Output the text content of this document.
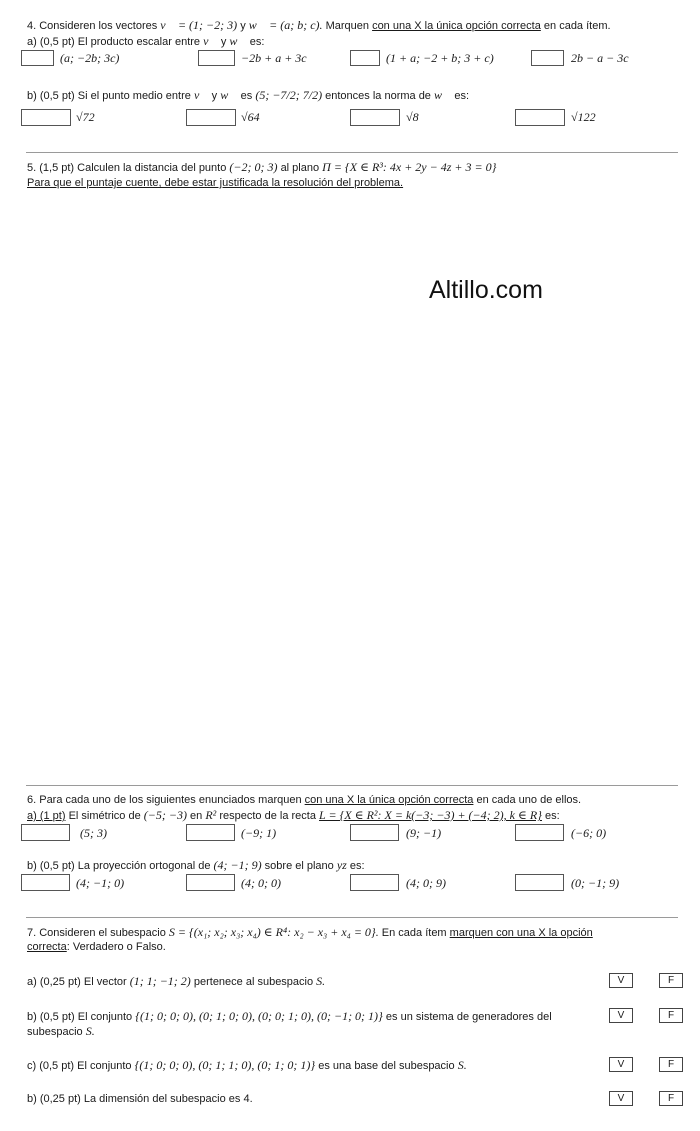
4. Consideren los vectores v⃗ = (1; −2; 3) y w⃗ = (a; b; c). Marquen con una X la única opción correcta en cada ítem.
a) (0,5 pt) El producto escalar entre v⃗ y w⃗ es:
(a; −2b; 3c)	−2b + a + 3c	(1 + a; −2 + b; 3 + c)	2b − a − 3c
b) (0,5 pt) Si el punto medio entre v⃗ y w⃗ es (5; −7/2; 7/2) entonces la norma de w⃗ es:
√72	√64	√8	√122
5. (1,5 pt) Calculen la distancia del punto (−2; 0; 3) al plano Π = {X ∈ R³: 4x + 2y − 4z + 3 = 0}
Para que el puntaje cuente, debe estar justificada la resolución del problema.
Altillo.com
6. Para cada uno de los siguientes enunciados marquen con una X la única opción correcta en cada uno de ellos.
a) (1 pt) El simétrico de (−5; −3) en R² respecto de la recta L = {X ∈ R²: X = k(−3; −3) + (−4; 2), k ∈ R} es:
(5; 3)	(−9; 1)	(9; −1)	(−6; 0)
b) (0,5 pt) La proyección ortogonal de (4; −1; 9) sobre el plano yz es:
(4; −1; 0)	(4; 0; 0)	(4; 0; 9)	(0; −1; 9)
7. Consideren el subespacio S = {(x₁; x₂; x₃; x₄) ∈ R⁴: x₂ − x₃ + x₄ = 0}. En cada ítem marquen con una X la opción
correcta: Verdadero o Falso.
a) (0,25 pt) El vector (1; 1; −1; 2) pertenece al subespacio S.	V	F
b) (0,5 pt) El conjunto {(1; 0; 0; 0), (0; 1; 0; 0), (0; 0; 1; 0), (0; −1; 0; 1)} es un sistema de generadores del
subespacio S.
V	F
c) (0,5 pt) El conjunto {(1; 0; 0; 0), (0; 1; 1; 0), (0; 1; 0; 1)} es una base del subespacio S.	V	F
b) (0,25 pt) La dimensión del subespacio es 4.	V	F
